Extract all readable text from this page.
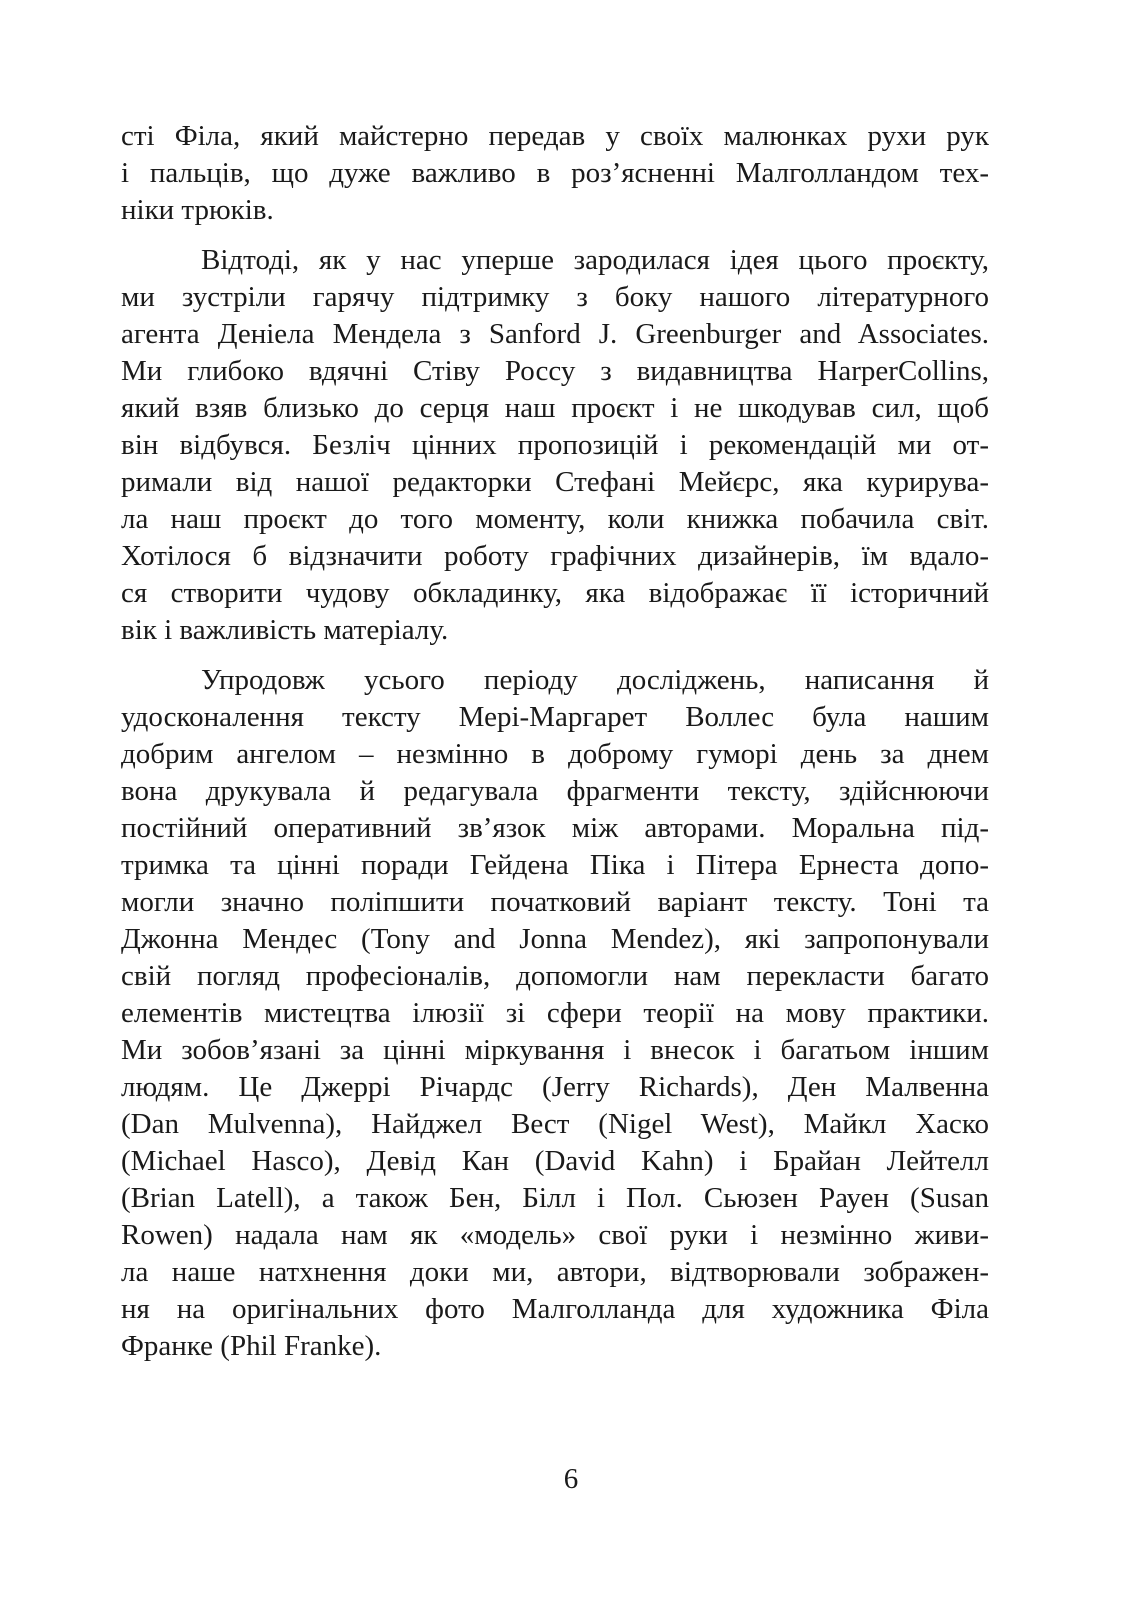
сті Філа, який майстерно передав у своїх малюнках рухи рук
і пальців, що дуже важливо в роз’ясненні Малголландом тех-
ніки трюків.
Відтоді, як у нас уперше зародилася ідея цього проєкту,
ми зустріли гарячу підтримку з боку нашого літературного
агента Деніела Мендела з Sanford J. Greenburger and Associates.
Ми глибоко вдячні Стіву Россу з видавництва HarperCollins,
який взяв близько до серця наш проєкт і не шкодував сил, щоб
він відбувся. Безліч цінних пропозицій і рекомендацій ми от-
римали від нашої редакторки Стефані Мейєрс, яка курирува-
ла наш проєкт до того моменту, коли книжка побачила світ.
Хотілося б відзначити роботу графічних дизайнерів, їм вдало-
ся створити чудову обкладинку, яка відображає її історичний
вік і важливість матеріалу.
Упродовж усього періоду досліджень, написання й
удосконалення тексту Мері-Маргарет Воллес була нашим
добрим ангелом – незмінно в доброму гуморі день за днем
вона друкувала й редагувала фрагменти тексту, здійснюючи
постійний оперативний зв’язок між авторами. Моральна під-
тримка та цінні поради Гейдена Піка і Пітера Ернеста допо-
могли значно поліпшити початковий варіант тексту. Тоні та
Джонна Мендес (Tony and Jonna Mendez), які запропонували
свій погляд професіоналів, допомогли нам перекласти багато
елементів мистецтва ілюзії зі сфери теорії на мову практики.
Ми зобов’язані за цінні міркування і внесок і багатьом іншим
людям. Це Джеррі Річардс (Jerry Richards), Ден Малвенна
(Dan Mulvenna), Найджел Вест (Nigel West), Майкл Хаско
(Michael Hasco), Девід Кан (David Kahn) і Брайан Лейтелл
(Brian Latell), а також Бен, Білл і Пол. Сьюзен Рауен (Susan
Rowen) надала нам як «модель» свої руки і незмінно живи-
ла наше натхнення доки ми, автори, відтворювали зображен-
ня на оригінальних фото Малголланда для художника Філа
Франке (Phil Franke).
6
